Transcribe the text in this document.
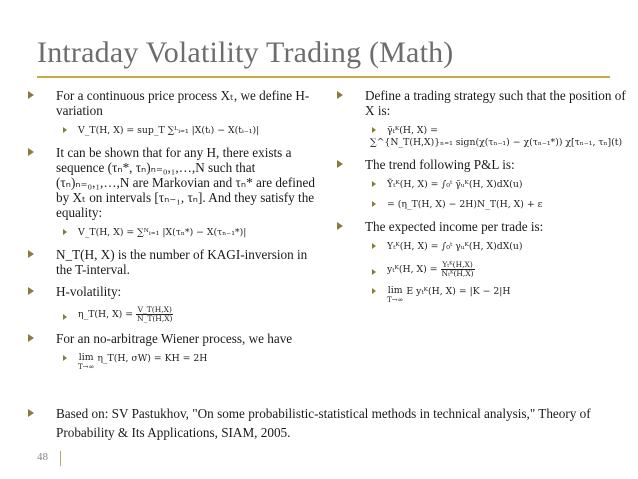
Intraday Volatility Trading (Math)
For a continuous price process Xₜ, we define H-variation
V_T(H, X) = sup_T ∑ᴸᵢ₌₁ |X(tᵢ) − X(tᵢ₋₁)|
It can be shown that for any H, there exists a sequence (τₙ*, τₙ)ₙ₌₀,₁,…,N such that (τₙ)ₙ₌₀,₁,…,N are Markovian and τₙ* are defined by Xₜ on intervals [τₙ₋₁, τₙ]. And they satisfy the equality:
V_T(H, X) = ∑ᴺᵢ₌₁ |X(τₙ*) − X(τₙ₋₁*)|
N_T(H, X) is the number of KAGI-inversion in the T-interval.
H-volatility:
η_T(H, $X) = \frac{V\_T(H,X)}{N\_T(H,X)}$
For an no-arbitrage Wiener process, we have
lim
T→∞
η_T(H, σW) = KH = 2H
Define a trading strategy such that the position of X is:
γ̃ₜᴷ(H, X) =
∑^{N_T(H,X)}ₙ₌₁ sign(χ(τₙ₋₁) − χ(τₙ₋₁*)) χ[τₙ₋₁, τₙ](t)
The trend following P&L is:
Ỹₜᴷ(H, X) = ∫₀ᵗ γ̃ᵤᴷ(H, X)dX(u)
= (η_T(H, X) − 2H)N_T(H, X) + ε
The expected income per trade is:
Yₜᴷ(H, X) = ∫₀ᵗ γᵤᴷ(H, X)dX(u)
yₜᴷ(H, $X) = \frac{\text{Yₜᴷ(H,X)}}{\text{Nₜᴷ(H,X)}}$
lim
T→∞
E yₜᴷ(H, X) = |K − 2|H
Based on: SV Pastukhov, "On some probabilistic-statistical methods in technical analysis," Theory of Probability & Its Applications, SIAM, 2005.
48
